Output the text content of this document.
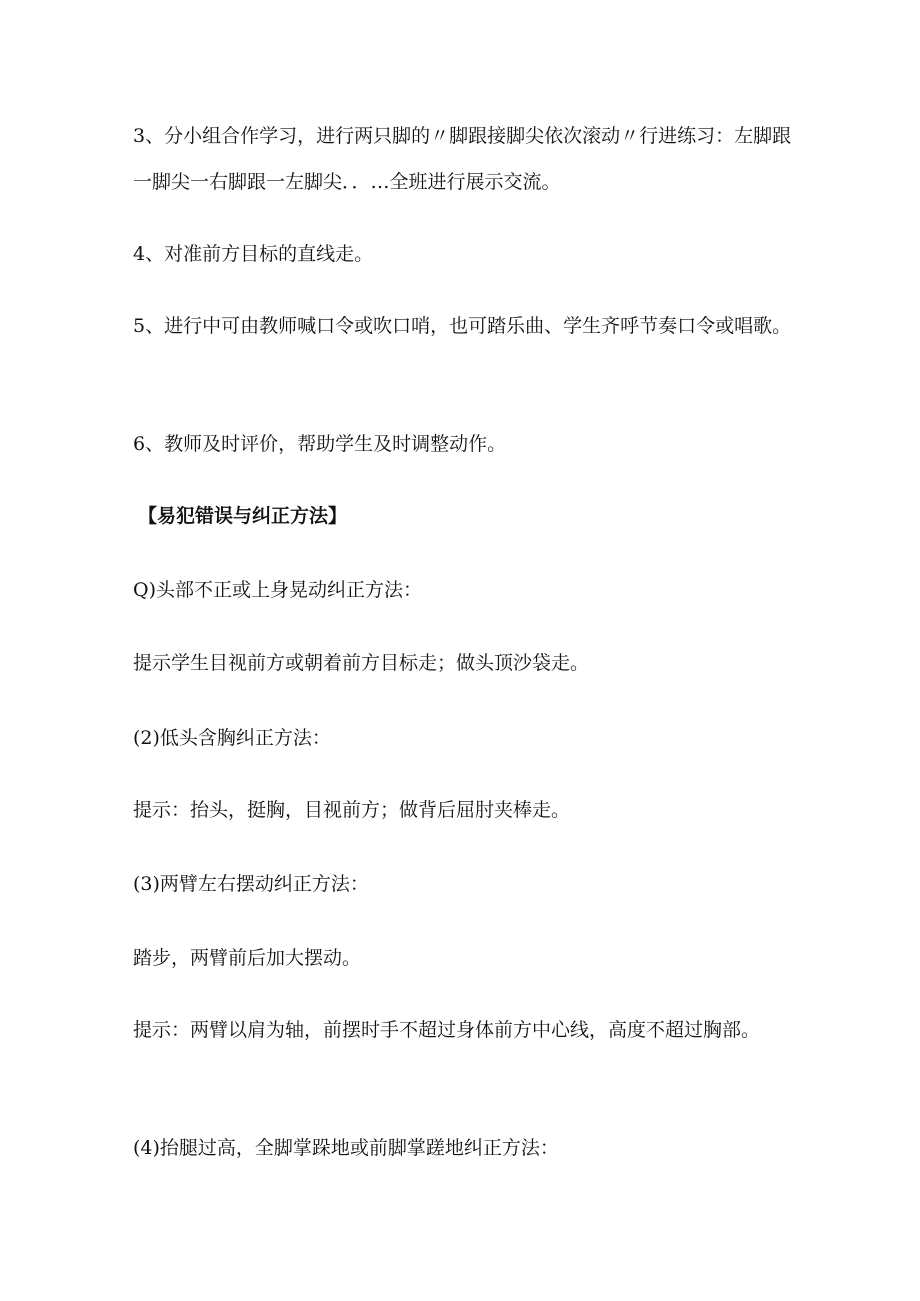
3、分小组合作学习，进行两只脚的〃脚跟接脚尖依次滚动〃行进练习：左脚跟一脚尖一右脚跟一左脚尖．．…全班进行展示交流。

4、对准前方目标的直线走。

5、进行中可由教师喊口令或吹口哨，也可踏乐曲、学生齐呼节奏口令或唱歌。

6、教师及时评价，帮助学生及时调整动作。

【易犯错误与纠正方法】

Q)头部不正或上身晃动纠正方法：

提示学生目视前方或朝着前方目标走；做头顶沙袋走。

(2)低头含胸纠正方法：

提示：抬头，挺胸，目视前方；做背后屈肘夹棒走。

(3)两臂左右摆动纠正方法：

踏步，两臂前后加大摆动。

提示：两臂以肩为轴，前摆时手不超过身体前方中心线，高度不超过胸部。

(4)抬腿过高，全脚掌跺地或前脚掌蹉地纠正方法：
